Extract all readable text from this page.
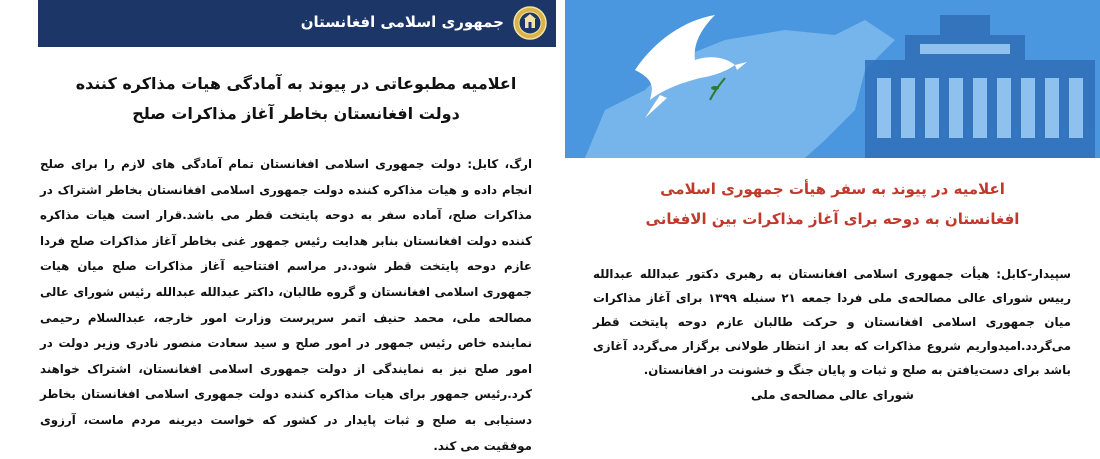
جمهوری اسلامی افغانستان
اعلامیه مطبوعاتی در پیوند به آمادگی هیات مذاکره کننده
دولت افغانستان بخاطر آغاز مذاکرات صلح
ارگ، کابل: دولت جمهوری اسلامی افغانستان تمام آمادگی های لازم را برای صلح انجام داده و هیات مذاکره کننده دولت جمهوری اسلامی افغانستان بخاطر اشتراک در مذاکرات صلح، آماده سفر به دوحه پایتخت قطر می باشد.قرار است هیات مذاکره کننده دولت افغانستان بنابر هدایت رئیس جمهور غنی بخاطر آغاز مذاکرات صلح فردا عازم دوحه پایتخت قطر شود.در مراسم افتتاحیه آغاز مذاکرات صلح میان هیات جمهوری اسلامی افغانستان و گروه طالبان، داکتر عبدالله عبدالله رئیس شورای عالی مصالحه ملی، محمد حنیف اتمر سرپرست وزارت امور خارجه، عبدالسلام رحیمی نماینده خاص رئیس جمهور در امور صلح و سید سعادت منصور نادری وزیر دولت در امور صلح نیز به نمایندگی از دولت جمهوری اسلامی افغانستان، اشتراک خواهند کرد.رئیس جمهور برای هیات مذاکره کننده دولت جمهوری اسلامی افغانستان بخاطر دستیابی به صلح و ثبات پایدار در کشور که خواست دیرینه مردم ماست، آرزوی موفقیت می کند.
اعلامیه در پیوند به سفر هیأت جمهوری اسلامی
افغانستان به دوحه برای آغاز مذاکرات بین الافغانی
سپیدار-کابل: هیأت جمهوری اسلامی افغانستان به رهبری دکتور عبدالله عبدالله رییس شورای عالی مصالحه‌ی ملی فردا جمعه ۲۱ سنبله ۱۳۹۹ برای آغاز مذاکرات میان جمهوری اسلامی افغانستان و حرکت طالبان عازم دوحه پایتخت قطر می‌گردد.امیدواریم شروع مذاکرات که بعد از انتظار طولانی برگزار می‌گردد آغازی باشد برای دست‌یافتن به صلح و ثبات و پایان جنگ و خشونت در افغانستان.
شورای عالی مصالحه‌ی ملی
